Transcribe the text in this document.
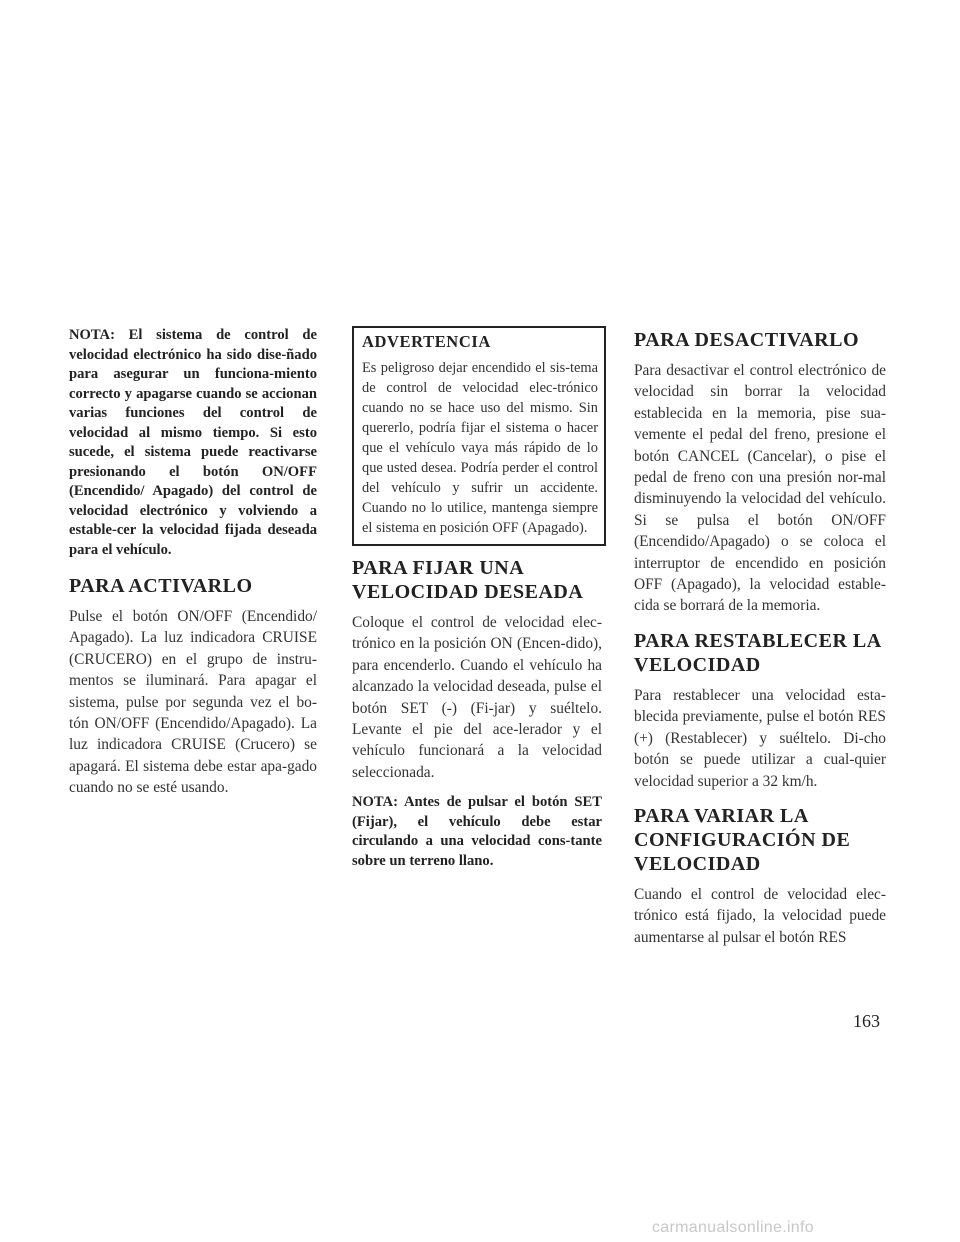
NOTA: El sistema de control de velocidad electrónico ha sido dise-ñado para asegurar un funciona-miento correcto y apagarse cuando se accionan varias funciones del control de velocidad al mismo tiempo. Si esto sucede, el sistema puede reactivarse presionando el botón ON/OFF (Encendido/ Apagado) del control de velocidad electrónico y volviendo a estable-cer la velocidad fijada deseada para el vehículo.

PARA ACTIVARLO

Pulse el botón ON/OFF (Encendido/ Apagado). La luz indicadora CRUISE (CRUCERO) en el grupo de instru-mentos se iluminará. Para apagar el sistema, pulse por segunda vez el bo-tón ON/OFF (Encendido/Apagado). La luz indicadora CRUISE (Crucero) se apagará. El sistema debe estar apa-gado cuando no se esté usando.

ADVERTENCIA

Es peligroso dejar encendido el sis-tema de control de velocidad elec-trónico cuando no se hace uso del mismo. Sin quererlo, podría fijar el sistema o hacer que el vehículo vaya más rápido de lo que usted desea. Podría perder el control del vehículo y sufrir un accidente. Cuando no lo utilice, mantenga siempre el sistema en posición OFF (Apagado).

PARA FIJAR UNA
VELOCIDAD DESEADA

Coloque el control de velocidad elec-trónico en la posición ON (Encen-dido), para encenderlo. Cuando el vehículo ha alcanzado la velocidad deseada, pulse el botón SET (-) (Fi-jar) y suéltelo. Levante el pie del ace-lerador y el vehículo funcionará a la velocidad seleccionada.

NOTA: Antes de pulsar el botón SET (Fijar), el vehículo debe estar circulando a una velocidad cons-tante sobre un terreno llano.

PARA DESACTIVARLO

Para desactivar el control electrónico de velocidad sin borrar la velocidad establecida en la memoria, pise sua-vemente el pedal del freno, presione el botón CANCEL (Cancelar), o pise el pedal de freno con una presión nor-mal disminuyendo la velocidad del vehículo. Si se pulsa el botón ON/OFF (Encendido/Apagado) o se coloca el interruptor de encendido en posición OFF (Apagado), la velocidad estable-cida se borrará de la memoria.

PARA RESTABLECER LA
VELOCIDAD

Para restablecer una velocidad esta-blecida previamente, pulse el botón RES (+) (Restablecer) y suéltelo. Di-cho botón se puede utilizar a cual-quier velocidad superior a 32 km/h.

PARA VARIAR LA
CONFIGURACIÓN DE
VELOCIDAD

Cuando el control de velocidad elec-trónico está fijado, la velocidad puede aumentarse al pulsar el botón RES

163
carmanualsonline.info
